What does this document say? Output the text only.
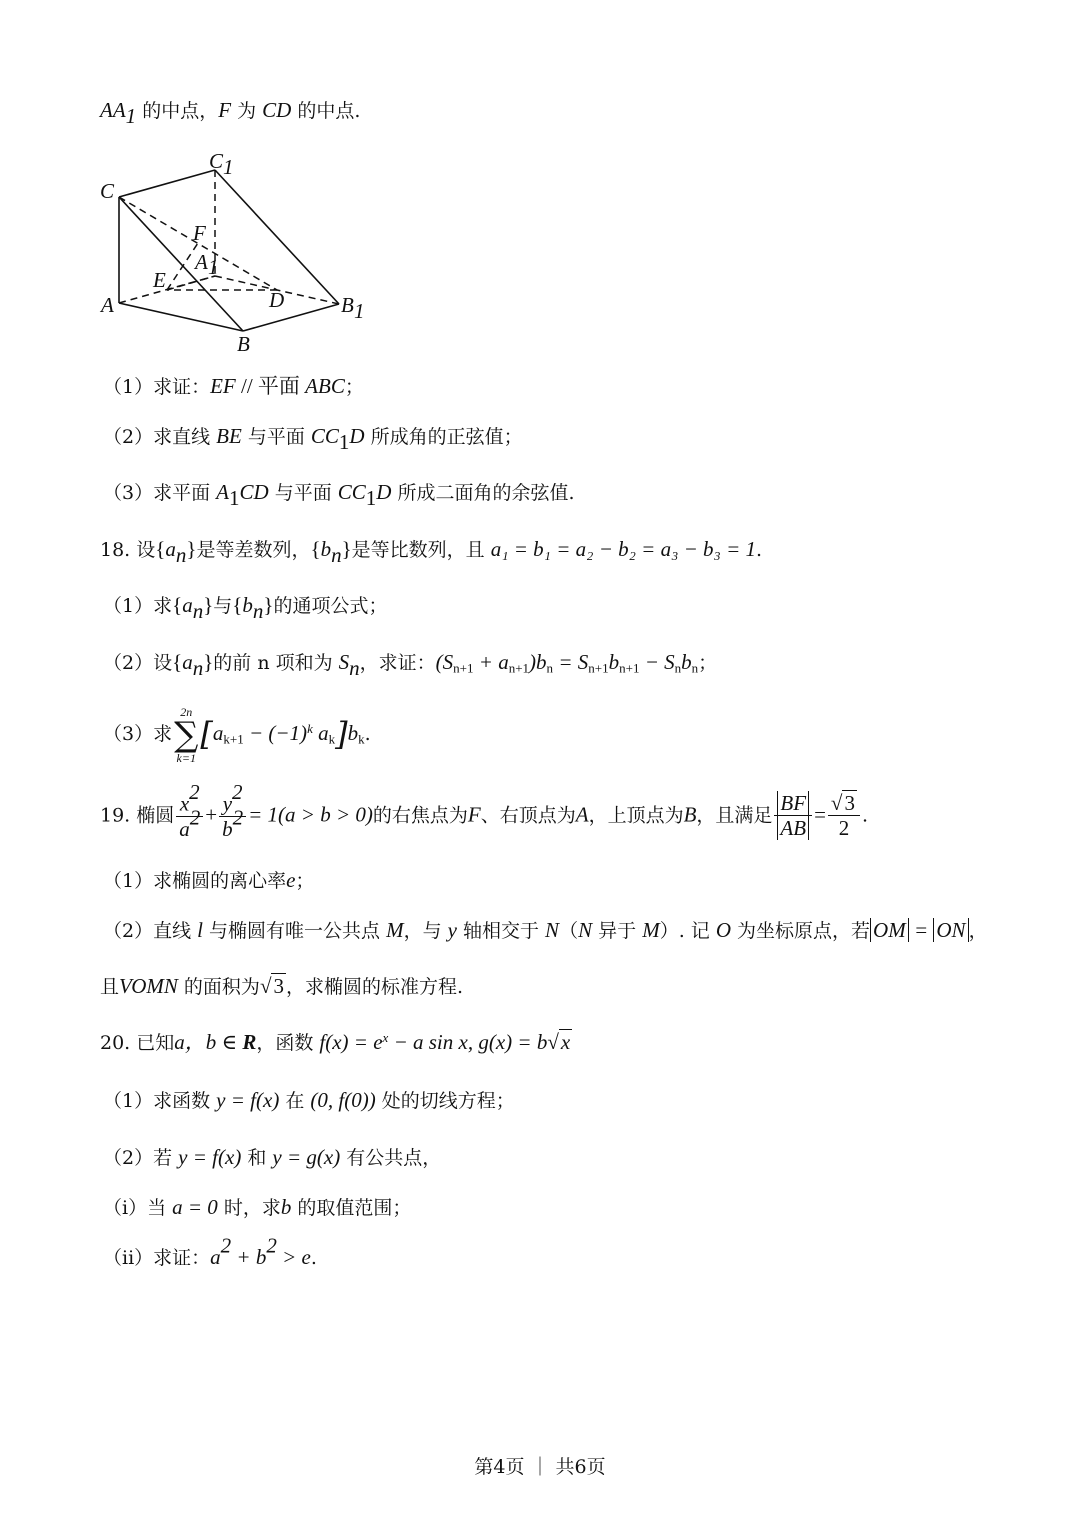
$AA_1$ 的中点，F 为 CD 的中点.
C
C 1
F
A 1
E
D
A	B 1
B
（1）求证：EF // 平面 ABC；
（2）求直线 BE 与平面 $CC_1D$ 所成角的正弦值；
（3）求平面 $A_1CD$ 与平面 $CC_1D$ 所成二面角的余弦值.
18. 设$\{a_n\}$是等差数列，$\{b_n\}$是等比数列，且 a₁ = b₁ = a₂ − b₂ = a₃ − b₃ = 1.
（1）求$\{a_n\}$与$\{b_n\}$的通项公式；
（2）设$\{a_n\}$的前 n 项和为 $S_n$，求证：$(S_{n+1} + a_{n+1})b_n = S_{n+1}b_{n+1} - S_nb_n$；
（3）求
2n
∑
k=1
[$a_{k+1} - (-1)^k$ $a_k]b_k$.
19. 椭圆 $\frac{x^2}{a^2} + \frac{y^2}{b^2} = 1(a > b > 0)$的右焦点为F、右顶点为A，上顶点为B，且满足 $\frac{BF}{AB} = \frac{√3}{2}$ .
（1）求椭圆的离心率e；
（2）直线 l 与椭圆有唯一公共点 M，与 y 轴相交于 N（N 异于 M）. 记 O 为坐标原点，若 OM = ON ，
且VOMN 的面积为√3 ，求椭圆的标准方程.
20. 已知a，b ∈ R，函数 $f(x) = e^x - a$ sin x, g(x) = b√x
（1）求函数 y = f(x) 在 (0, f(0)) 处的切线方程；
（2）若 y = f(x) 和 y = g(x) 有公共点，
（i）当 a = 0 时，求b 的取值范围；
（ii）求证：$a^2 + b^2 > e$.
第4页 ｜ 共6页
